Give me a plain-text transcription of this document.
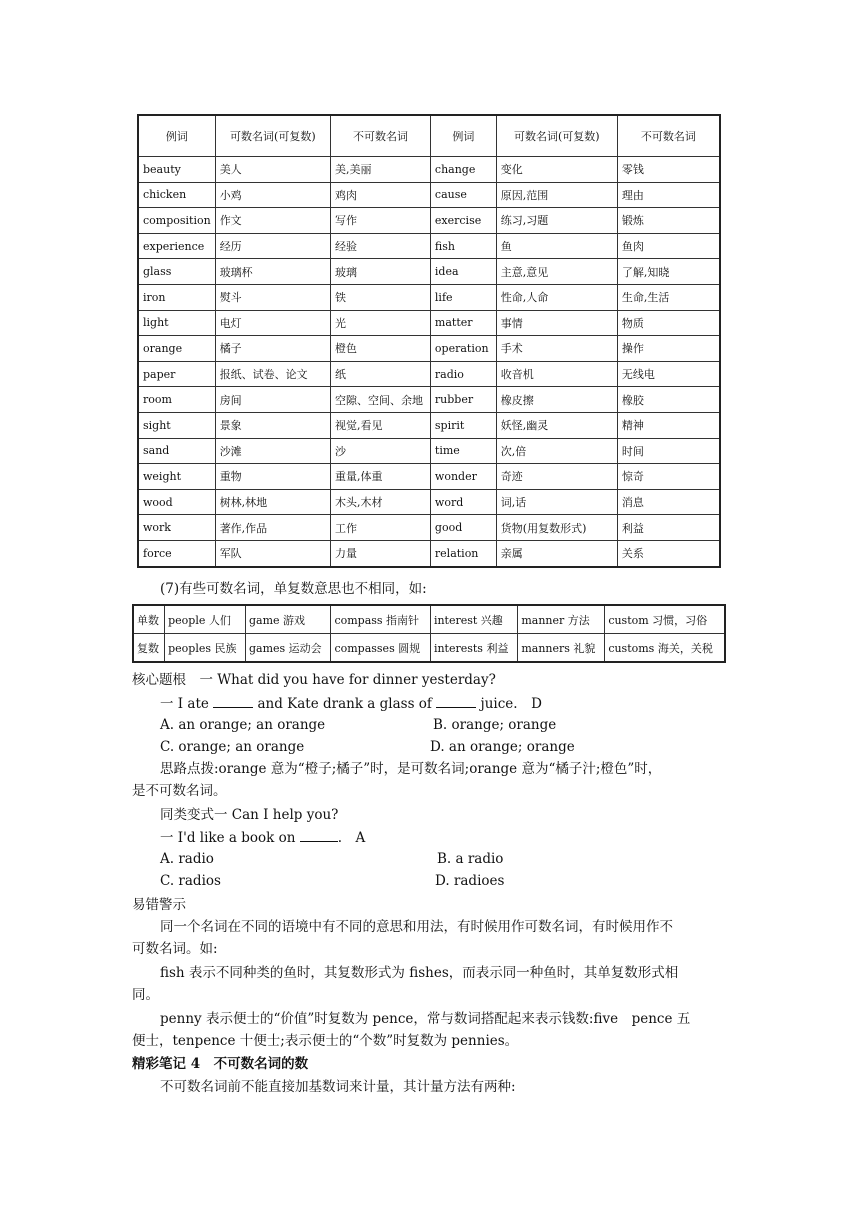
例词	可数名词(可复数)	不可数名词	例词	可数名词(可复数)	不可数名词
beauty	美人	美,美丽	change	变化	零钱
chicken	小鸡	鸡肉	cause	原因,范围	理由
composition	作文	写作	exercise	练习,习题	锻炼
experience	经历	经验	fish	鱼	鱼肉
glass	玻璃杯	玻璃	idea	主意,意见	了解,知晓
iron	熨斗	铁	life	性命,人命	生命,生活
light	电灯	光	matter	事情	物质
orange	橘子	橙色	operation	手术	操作
paper	报纸、试卷、论文	纸	radio	收音机	无线电
room	房间	空隙、空间、余地	rubber	橡皮擦	橡胶
sight	景象	视觉,看见	spirit	妖怪,幽灵	精神
sand	沙滩	沙	time	次,倍	时间
weight	重物	重量,体重	wonder	奇迹	惊奇
wood	树林,林地	木头,木材	word	词,话	消息
work	著作,作品	工作	good	货物(用复数形式)	利益
force	军队	力量	relation	亲属	关系
(7)有些可数名词，单复数意思也不相同，如:
单数	people 人们	game 游戏	compass 指南针	interest 兴趣	manner 方法	custom 习惯，习俗
复数	peoples 民族	games 运动会	compasses 圆规	interests 利益	manners 礼貌	customs 海关，关税
核心题根　一 What did you have for dinner yesterday?
一 I ate	and Kate drank a glass of	juice.　D
A. an orange; an orange	B. orange; orange
C. orange; an orange	D. an orange; orange
思路点拨:orange 意为“橙子;橘子”时，是可数名词;orange 意为“橘子汁;橙色”时，
是不可数名词。
同类变式一 Can I help you?
一 I'd like a book on	.　A
A. radio	B. a radio
C. radios	D. radioes
易错警示
同一个名词在不同的语境中有不同的意思和用法，有时候用作可数名词，有时候用作不
可数名词。如:
fish 表示不同种类的鱼时，其复数形式为 fishes，而表示同一种鱼时，其单复数形式相
同。
penny 表示便士的“价值”时复数为 pence，常与数词搭配起来表示钱数:five　pence 五
便士，tenpence 十便士;表示便士的“个数”时复数为 pennies。
精彩笔记 4　不可数名词的数
不可数名词前不能直接加基数词来计量，其计量方法有两种:
